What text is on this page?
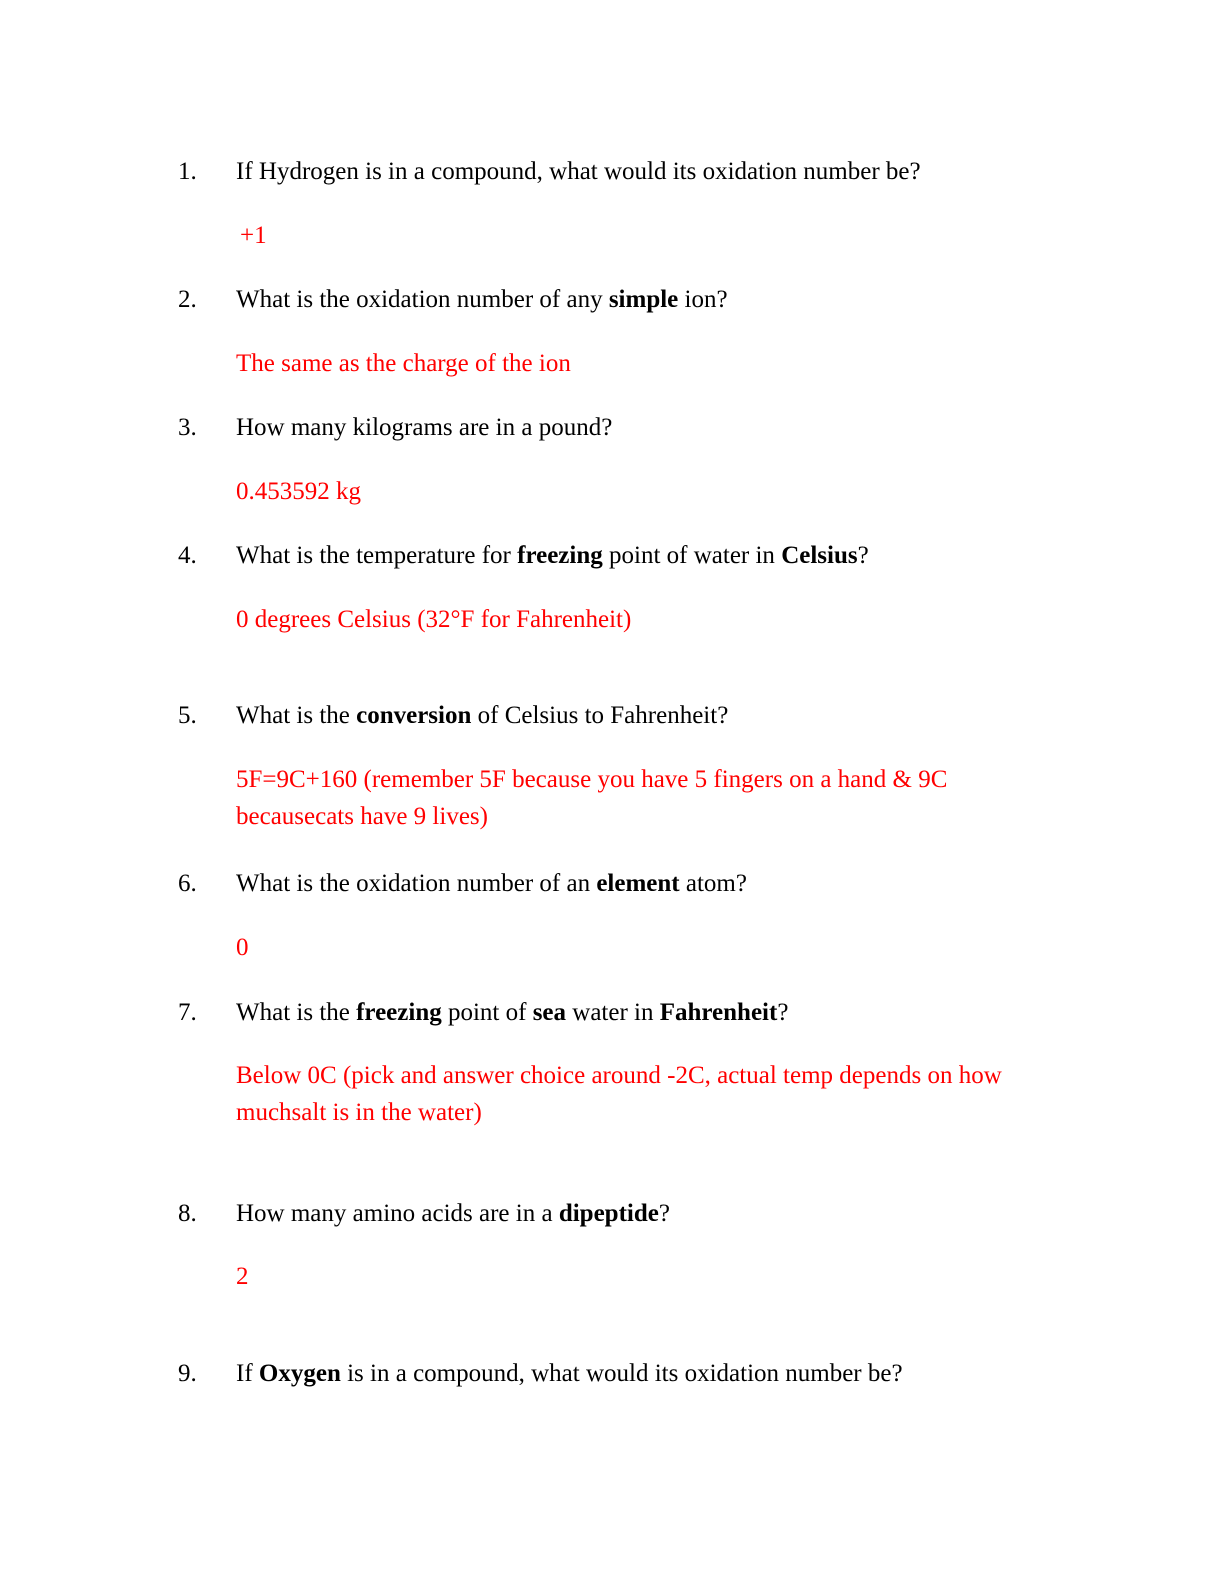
1. If Hydrogen is in a compound, what would its oxidation number be?
+1
2. What is the oxidation number of any simple ion?
The same as the charge of the ion
3. How many kilograms are in a pound?
0.453592 kg
4. What is the temperature for freezing point of water in Celsius?
0 degrees Celsius (32°F for Fahrenheit)
5. What is the conversion of Celsius to Fahrenheit?
5F=9C+160 (remember 5F because you have 5 fingers on a hand & 9C
becausecats have 9 lives)
6. What is the oxidation number of an element atom?
0
7. What is the freezing point of sea water in Fahrenheit?
Below 0C (pick and answer choice around -2C, actual temp depends on how
muchsalt is in the water)
8. How many amino acids are in a dipeptide?
2
9. If Oxygen is in a compound, what would its oxidation number be?
